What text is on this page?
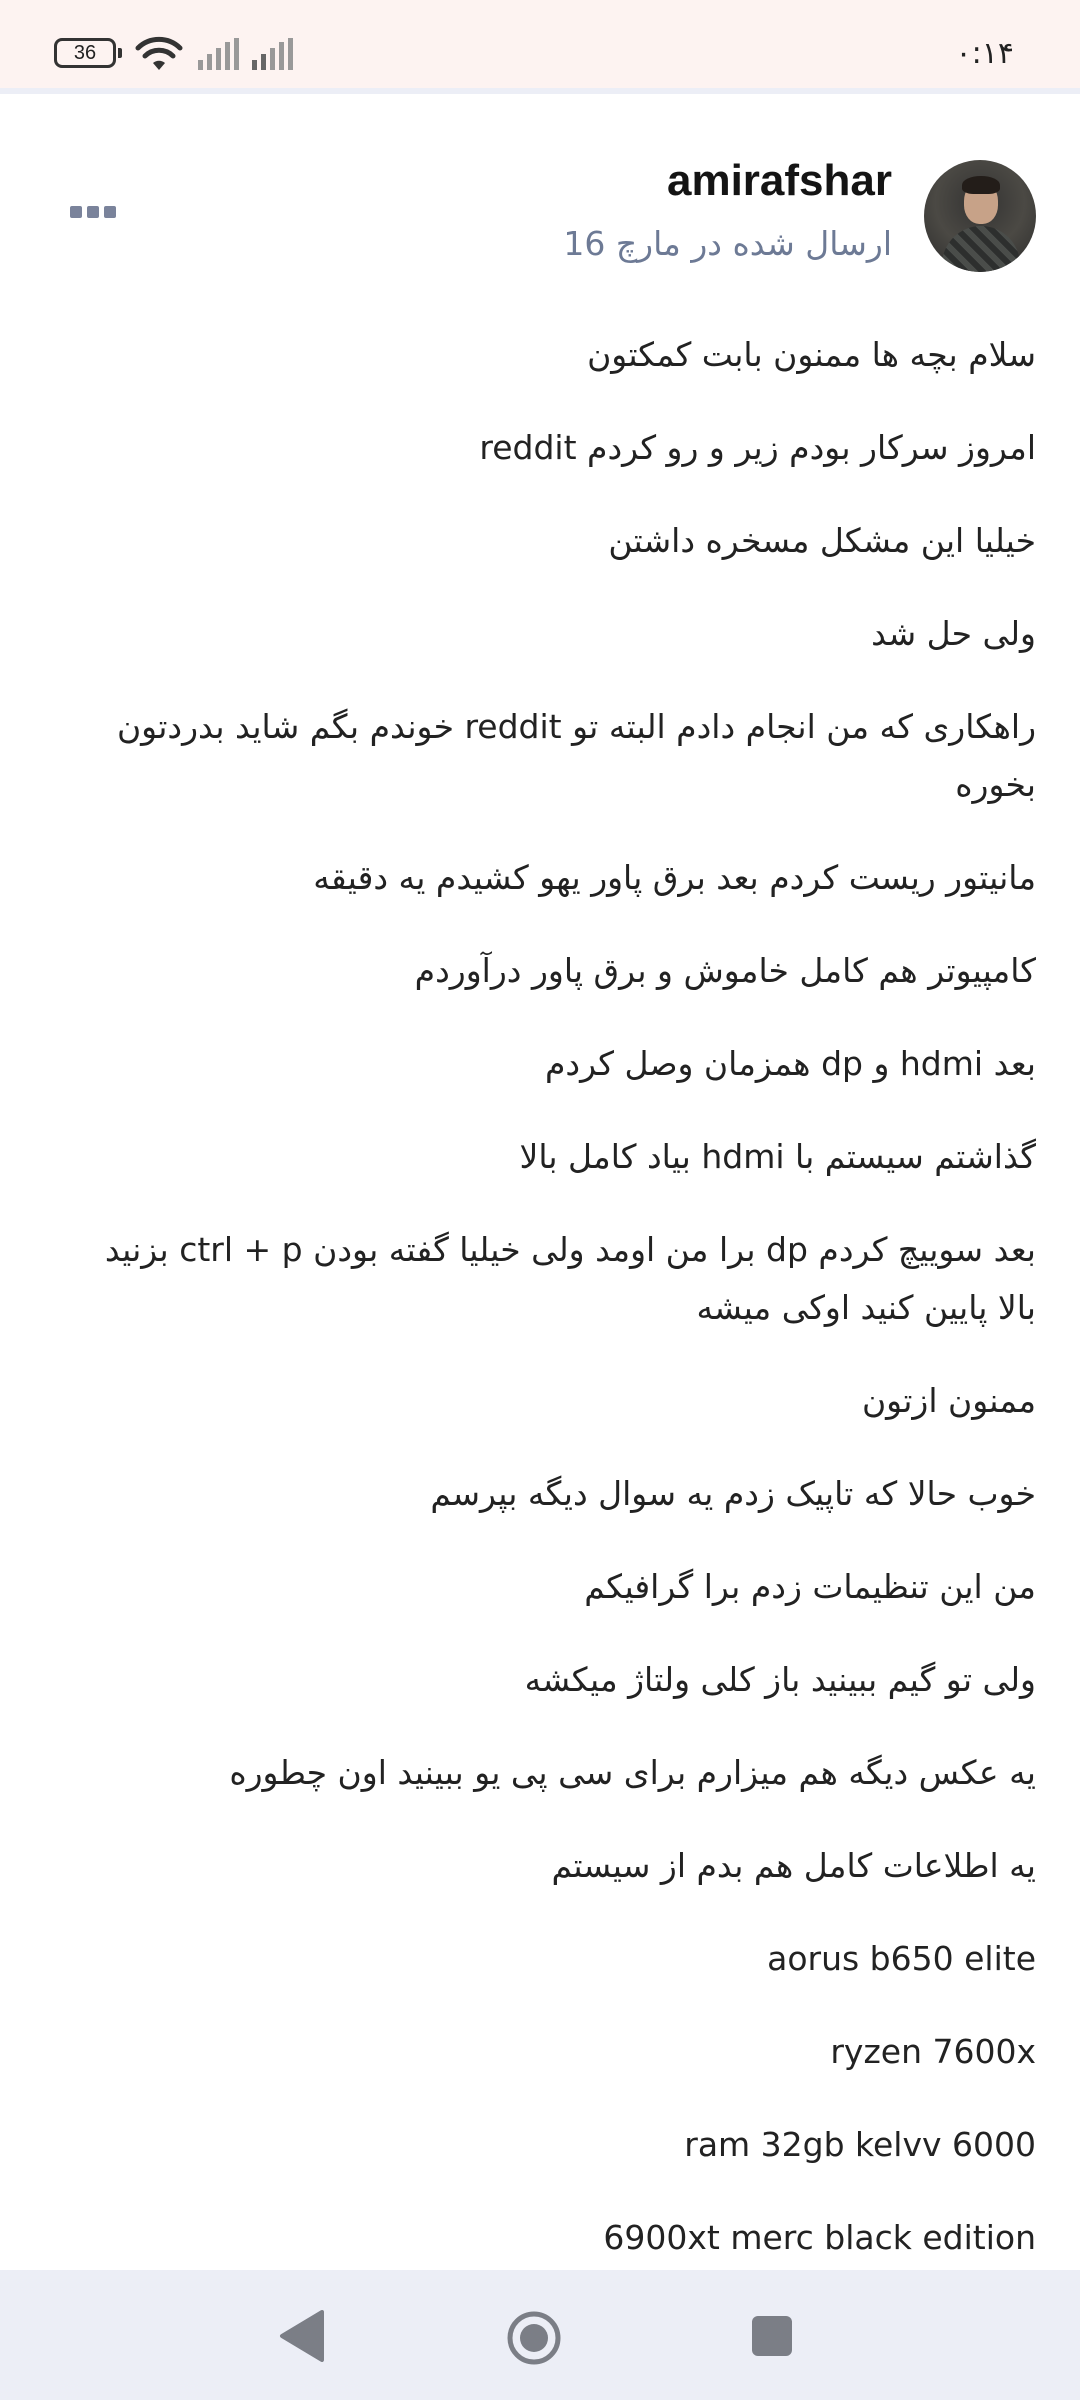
36	۰:۱۴
amirafshar
ارسال شده در مارچ 16

سلام بچه ها ممنون بابت کمکتون

امروز سرکار بودم زیر و رو کردم reddit

خیلیا این مشکل مسخره داشتن

ولی حل شد

راهکاری که من انجام دادم البته تو reddit خوندم بگم شاید بدردتون بخوره

مانیتور ریست کردم بعد برق پاور یهو کشیدم یه دقیقه

کامپیوتر هم کامل خاموش و برق پاور درآوردم

بعد hdmi و dp همزمان وصل کردم

گذاشتم سیستم با hdmi بیاد کامل بالا

بعد سوییچ کردم dp برا من اومد ولی خیلیا گفته بودن ctrl + p بزنید بالا پایین کنید اوکی میشه

ممنون ازتون

خوب حالا که تاپیک زدم یه سوال دیگه بپرسم

من این تنظیمات زدم برا گرافیکم

ولی تو گیم ببینید باز کلی ولتاژ میکشه

یه عکس دیگه هم میزارم برای سی پی یو ببینید اون چطوره

یه اطلاعات کامل هم بدم از سیستم

aorus b650 elite

ryzen 7600x

ram 32gb kelvv 6000

6900xt merc black edition
